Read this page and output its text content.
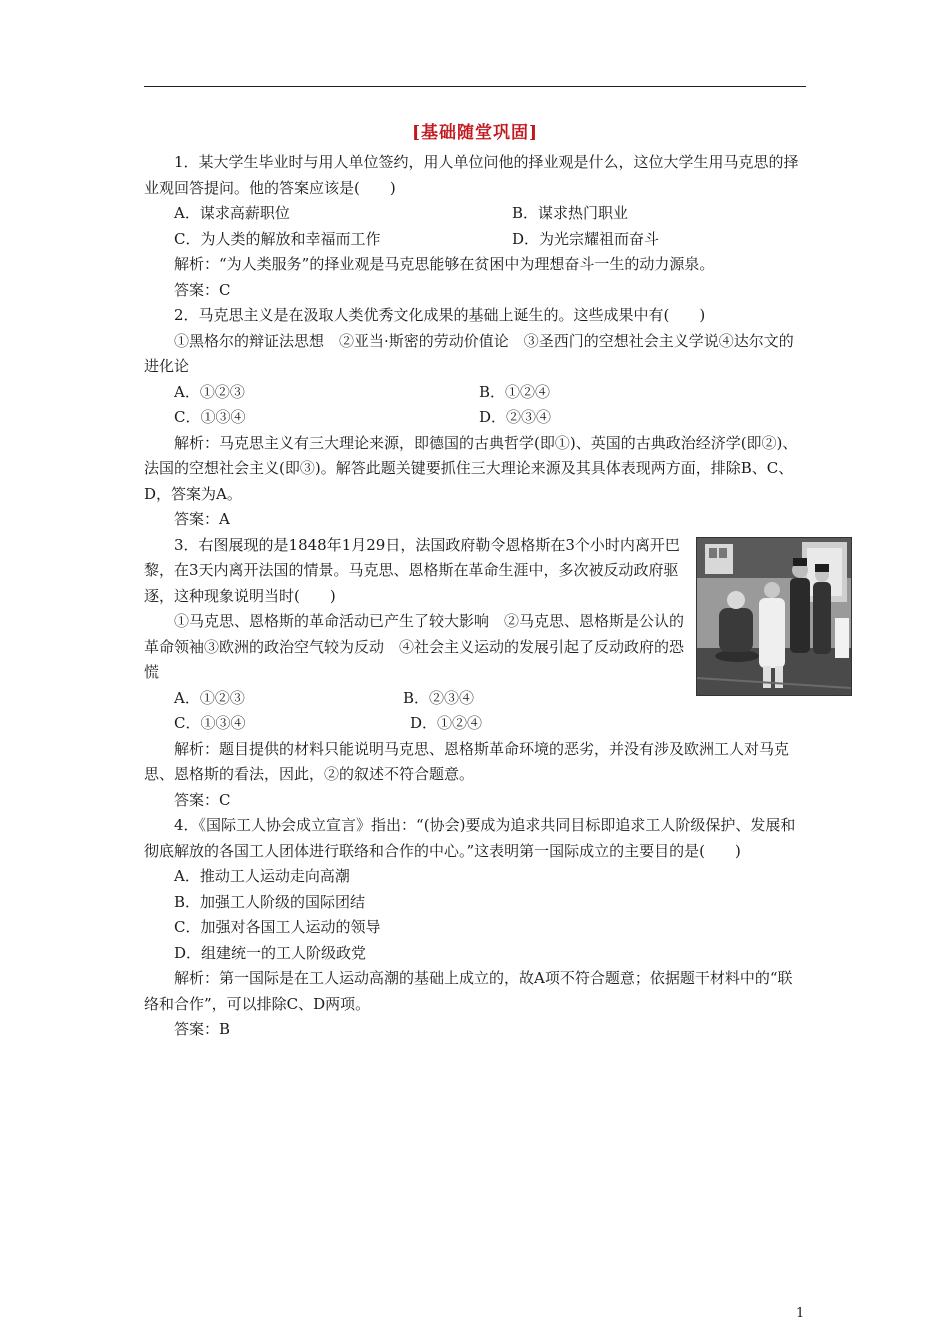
[基础随堂巩固]

1．某大学生毕业时与用人单位签约，用人单位问他的择业观是什么，这位大学生用马克思的择业观回答提问。他的答案应该是(　　)

A．谋求高薪职位	B．谋求热门职业
C．为人类的解放和幸福而工作	D．为光宗耀祖而奋斗

解析：“为人类服务”的择业观是马克思能够在贫困中为理想奋斗一生的动力源泉。

答案：C

2．马克思主义是在汲取人类优秀文化成果的基础上诞生的。这些成果中有(　　)

①黑格尔的辩证法思想　②亚当·斯密的劳动价值论　③圣西门的空想社会主义学说④达尔文的进化论

A．①②③	B．①②④
C．①③④	D．②③④

解析：马克思主义有三大理论来源，即德国的古典哲学(即①)、英国的古典政治经济学(即②)、法国的空想社会主义(即③)。解答此题关键要抓住三大理论来源及其具体表现两方面，排除B、C、D，答案为A。

答案：A

3．右图展现的是1848年1月29日，法国政府勒令恩格斯在3个小时内离开巴黎，在3天内离开法国的情景。马克思、恩格斯在革命生涯中，多次被反动政府驱逐，这种现象说明当时(　　)

①马克思、恩格斯的革命活动已产生了较大影响　②马克思、恩格斯是公认的革命领袖③欧洲的政治空气较为反动　④社会主义运动的发展引起了反动政府的恐慌

A．①②③	B．②③④
C．①③④	D．①②④

解析：题目提供的材料只能说明马克思、恩格斯革命环境的恶劣，并没有涉及欧洲工人对马克思、恩格斯的看法，因此，②的叙述不符合题意。

答案：C

4．《国际工人协会成立宣言》指出：“(协会)要成为追求共同目标即追求工人阶级保护、发展和彻底解放的各国工人团体进行联络和合作的中心。”这表明第一国际成立的主要目的是(　　)

A．推动工人运动走向高潮

B．加强工人阶级的国际团结

C．加强对各国工人运动的领导

D．组建统一的工人阶级政党

解析：第一国际是在工人运动高潮的基础上成立的，故A项不符合题意；依据题干材料中的“联络和合作”，可以排除C、D两项。

答案：B

1
